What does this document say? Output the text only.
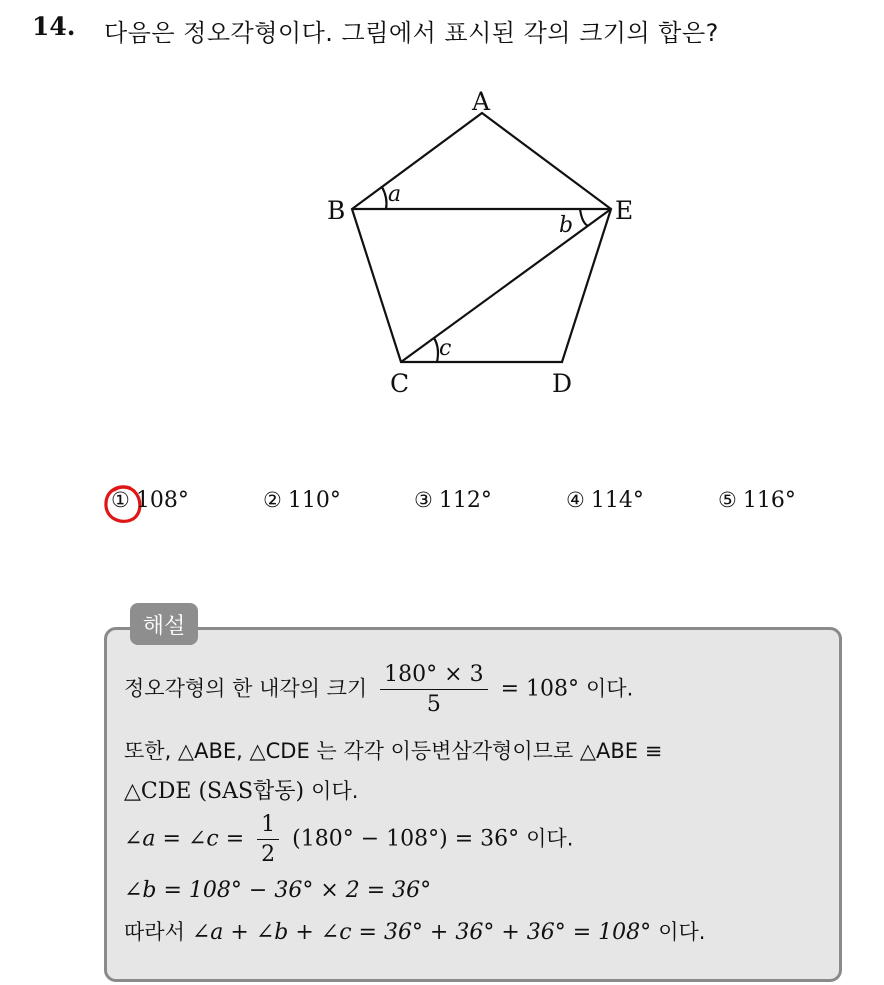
14. 다음은 정오각형이다. 그림에서 표시된 각의 크기의 합은?
A
B	E
C	D
a
b
c
① 108°	② 110°	③ 112°	④ 114°	⑤ 116°
해설
정오각형의 한 내각의 크기 $\frac{180^\circ \times 3}{5} = 108^\circ$ 이다.
또한, △ABE, △CDE 는 각각 이등변삼각형이므로 △ABE ≡
△CDE (SAS합동) 이다.
∠a = ∠c = $\frac{1}{2} (180^\circ - 108^\circ) = 36^\circ$ 이다.
∠b = 108° − 36° × 2 = 36°
따라서 ∠a + ∠b + ∠c = 36° + 36° + 36° = 108° 이다.
